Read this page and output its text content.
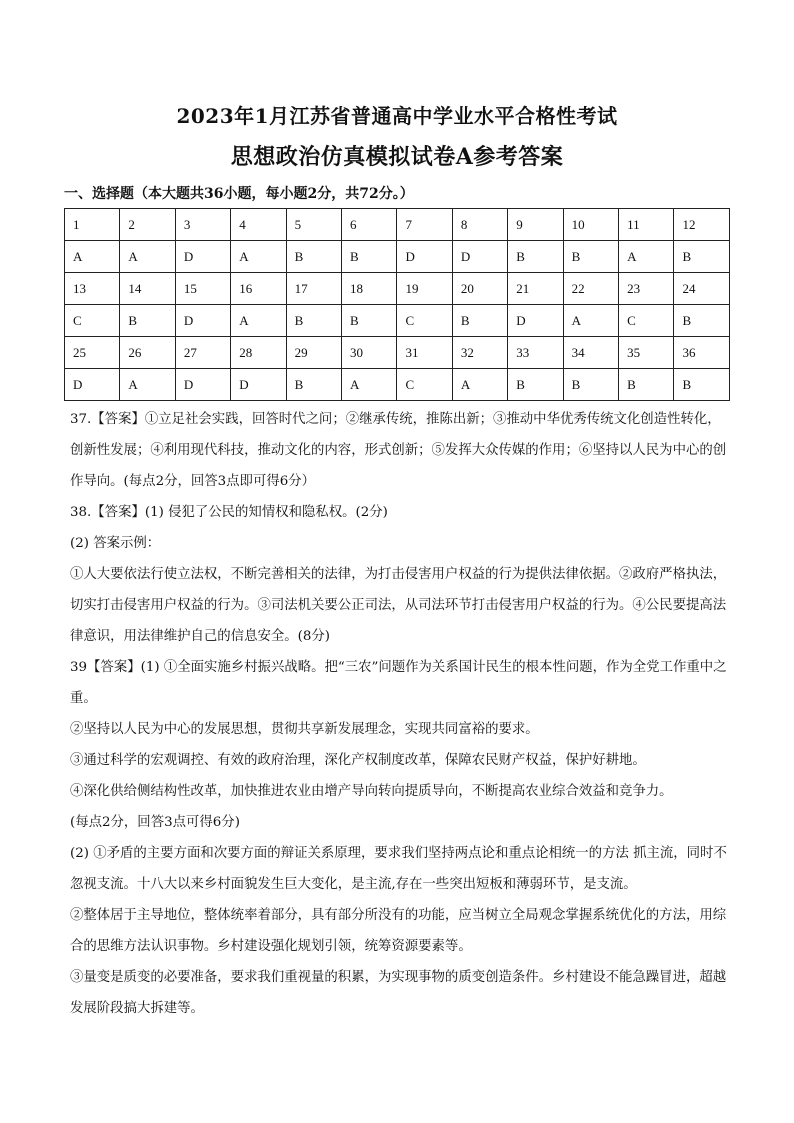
2023年1月江苏省普通高中学业水平合格性考试
思想政治仿真模拟试卷A参考答案
一、选择题（本大题共36小题，每小题2分，共72分。）
1	2	3	4	5	6	7	8	9	10	11	12
A	A	D	A	B	B	D	D	B	B	A	B
13	14	15	16	17	18	19	20	21	22	23	24
C	B	D	A	B	B	C	B	D	A	C	B
25	26	27	28	29	30	31	32	33	34	35	36
D	A	D	D	B	A	C	A	B	B	B	B

37.【答案】①立足社会实践，回答时代之问；②继承传统，推陈出新；③推动中华优秀传统文化创造性转化，创新性发展；④利用现代科技，推动文化的内容，形式创新；⑤发挥大众传媒的作用；⑥坚持以人民为中心的创作导向。(每点2分，回答3点即可得6分）

38.【答案】(1) 侵犯了公民的知情权和隐私权。(2分)

(2) 答案示例：

①人大要依法行使立法权，不断完善相关的法律，为打击侵害用户权益的行为提供法律依据。②政府严格执法，切实打击侵害用户权益的行为。③司法机关要公正司法，从司法环节打击侵害用户权益的行为。④公民要提高法律意识，用法律维护自己的信息安全。(8分)

39【答案】(1) ①全面实施乡村振兴战略。把“三农”问题作为关系国计民生的根本性问题，作为全党工作重中之重。

②坚持以人民为中心的发展思想，贯彻共享新发展理念，实现共同富裕的要求。

③通过科学的宏观调控、有效的政府治理，深化产权制度改革，保障农民财产权益，保护好耕地。

④深化供给侧结构性改革，加快推进农业由增产导向转向提质导向，不断提高农业综合效益和竞争力。

(每点2分，回答3点可得6分)

(2) ①矛盾的主要方面和次要方面的辩证关系原理，要求我们坚持两点论和重点论相统一的方法 抓主流，同时不忽视支流。十八大以来乡村面貌发生巨大变化，是主流,存在一些突出短板和薄弱环节，是支流。

②整体居于主导地位，整体统率着部分，具有部分所没有的功能，应当树立全局观念掌握系统优化的方法，用综合的思维方法认识事物。乡村建设强化规划引领，统筹资源要素等。

③量变是质变的必要准备，要求我们重视量的积累，为实现事物的质变创造条件。乡村建设不能急躁冒进，超越发展阶段搞大拆建等。
